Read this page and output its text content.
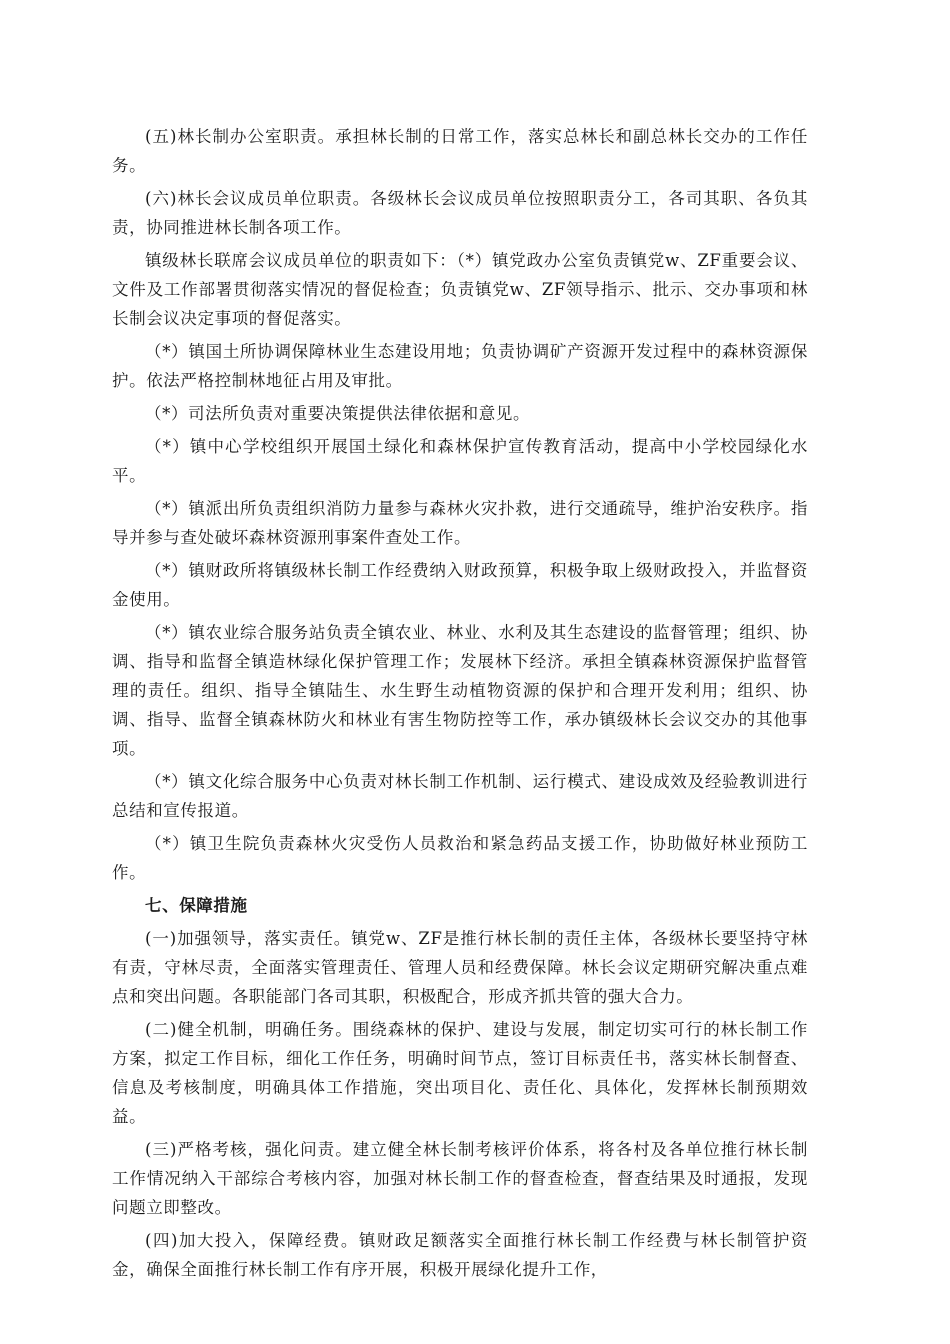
(五)林长制办公室职责。承担林长制的日常工作，落实总林长和副总林长交办的工作任务。

(六)林长会议成员单位职责。各级林长会议成员单位按照职责分工，各司其职、各负其责，协同推进林长制各项工作。

镇级林长联席会议成员单位的职责如下：（*）镇党政办公室负责镇党w、ZF重要会议、文件及工作部署贯彻落实情况的督促检查；负责镇党w、ZF领导指示、批示、交办事项和林长制会议决定事项的督促落实。

（*）镇国土所协调保障林业生态建设用地；负责协调矿产资源开发过程中的森林资源保护。依法严格控制林地征占用及审批。

（*）司法所负责对重要决策提供法律依据和意见。

（*）镇中心学校组织开展国土绿化和森林保护宣传教育活动，提高中小学校园绿化水平。

（*）镇派出所负责组织消防力量参与森林火灾扑救，进行交通疏导，维护治安秩序。指导并参与查处破坏森林资源刑事案件查处工作。

（*）镇财政所将镇级林长制工作经费纳入财政预算，积极争取上级财政投入，并监督资金使用。

（*）镇农业综合服务站负责全镇农业、林业、水利及其生态建设的监督管理；组织、协调、指导和监督全镇造林绿化保护管理工作；发展林下经济。承担全镇森林资源保护监督管理的责任。组织、指导全镇陆生、水生野生动植物资源的保护和合理开发利用；组织、协调、指导、监督全镇森林防火和林业有害生物防控等工作，承办镇级林长会议交办的其他事项。

（*）镇文化综合服务中心负责对林长制工作机制、运行模式、建设成效及经验教训进行总结和宣传报道。

（*）镇卫生院负责森林火灾受伤人员救治和紧急药品支援工作，协助做好林业预防工作。

七、保障措施

(一)加强领导，落实责任。镇党w、ZF是推行林长制的责任主体，各级林长要坚持守林有责，守林尽责，全面落实管理责任、管理人员和经费保障。林长会议定期研究解决重点难点和突出问题。各职能部门各司其职，积极配合，形成齐抓共管的强大合力。

(二)健全机制，明确任务。围绕森林的保护、建设与发展，制定切实可行的林长制工作方案，拟定工作目标，细化工作任务，明确时间节点，签订目标责任书，落实林长制督查、信息及考核制度，明确具体工作措施，突出项目化、责任化、具体化，发挥林长制预期效益。

(三)严格考核，强化问责。建立健全林长制考核评价体系，将各村及各单位推行林长制工作情况纳入干部综合考核内容，加强对林长制工作的督查检查，督查结果及时通报，发现问题立即整改。

(四)加大投入，保障经费。镇财政足额落实全面推行林长制工作经费与林长制管护资金，确保全面推行林长制工作有序开展，积极开展绿化提升工作，
